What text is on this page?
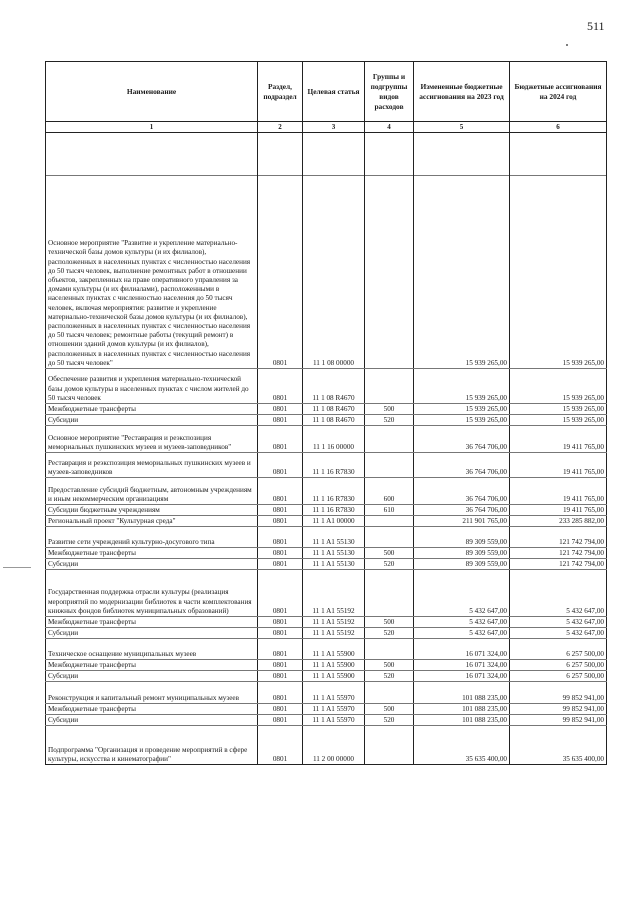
511
Наименование	Раздел, подраздел	Целевая статья	Группы и подгруппы видов расходов	Измененные бюджетные ассигнования на 2023 год	Бюджетные ассигнования на 2024 год
1	2	3	4	5	6

Основное мероприятие "Развитие и укрепление материально-технической базы домов культуры (и их филиалов), расположенных в населенных пунктах с численностью населения до 50 тысяч человек, выполнение ремонтных работ в отношении объектов, закрепленных на праве оперативного управления за домами культуры (и их филиалами), расположенными в населенных пунктах с численностью населения до 50 тысяч человек, включая мероприятия: развитие и укрепление материально-технической базы домов культуры (и их филиалов), расположенных в населенных пунктах с численностью населения до 50 тысяч человек; ремонтные работы (текущий ремонт) в отношении зданий домов культуры (и их филиалов), расположенных в населенных пунктах с численностью населения до 50 тысяч человек"	0801	11 1 08 00000		15 939 265,00	15 939 265,00
Обеспечение развития и укрепления материально-технической базы домов культуры в населенных пунктах с числом жителей до 50 тысяч человек	0801	11 1 08 R4670		15 939 265,00	15 939 265,00
Межбюджетные трансферты	0801	11 1 08 R4670	500	15 939 265,00	15 939 265,00
Субсидии	0801	11 1 08 R4670	520	15 939 265,00	15 939 265,00
Основное мероприятие "Реставрация и реэкспозиция мемориальных пушкинских музеев и музеев-заповедников"	0801	11 1 16 00000		36 764 706,00	19 411 765,00
Реставрация и реэкспозиция мемориальных пушкинских музеев и музеев-заповедников	0801	11 1 16 R7830		36 764 706,00	19 411 765,00
Предоставление субсидий бюджетным, автономным учреждениям и иным некоммерческим организациям	0801	11 1 16 R7830	600	36 764 706,00	19 411 765,00
Субсидии бюджетным учреждениям	0801	11 1 16 R7830	610	36 764 706,00	19 411 765,00
Региональный проект "Культурная среда"	0801	11 1 A1 00000		211 901 765,00	233 285 882,00
Развитие сети учреждений культурно-досугового типа	0801	11 1 A1 55130		89 309 559,00	121 742 794,00
Межбюджетные трансферты	0801	11 1 A1 55130	500	89 309 559,00	121 742 794,00
Субсидии	0801	11 1 A1 55130	520	89 309 559,00	121 742 794,00
Государственная поддержка отрасли культуры (реализация мероприятий по модернизации библиотек в части комплектования книжных фондов библиотек муниципальных образований)	0801	11 1 A1 55192		5 432 647,00	5 432 647,00
Межбюджетные трансферты	0801	11 1 A1 55192	500	5 432 647,00	5 432 647,00
Субсидии	0801	11 1 A1 55192	520	5 432 647,00	5 432 647,00
Техническое оснащение муниципальных музеев	0801	11 1 A1 55900		16 071 324,00	6 257 500,00
Межбюджетные трансферты	0801	11 1 A1 55900	500	16 071 324,00	6 257 500,00
Субсидии	0801	11 1 A1 55900	520	16 071 324,00	6 257 500,00
Реконструкция и капитальный ремонт муниципальных музеев	0801	11 1 A1 55970		101 088 235,00	99 852 941,00
Межбюджетные трансферты	0801	11 1 A1 55970	500	101 088 235,00	99 852 941,00
Субсидии	0801	11 1 A1 55970	520	101 088 235,00	99 852 941,00
Подпрограмма "Организация и проведение мероприятий в сфере культуры, искусства и кинематографии"	0801	11 2 00 00000		35 635 400,00	35 635 400,00
